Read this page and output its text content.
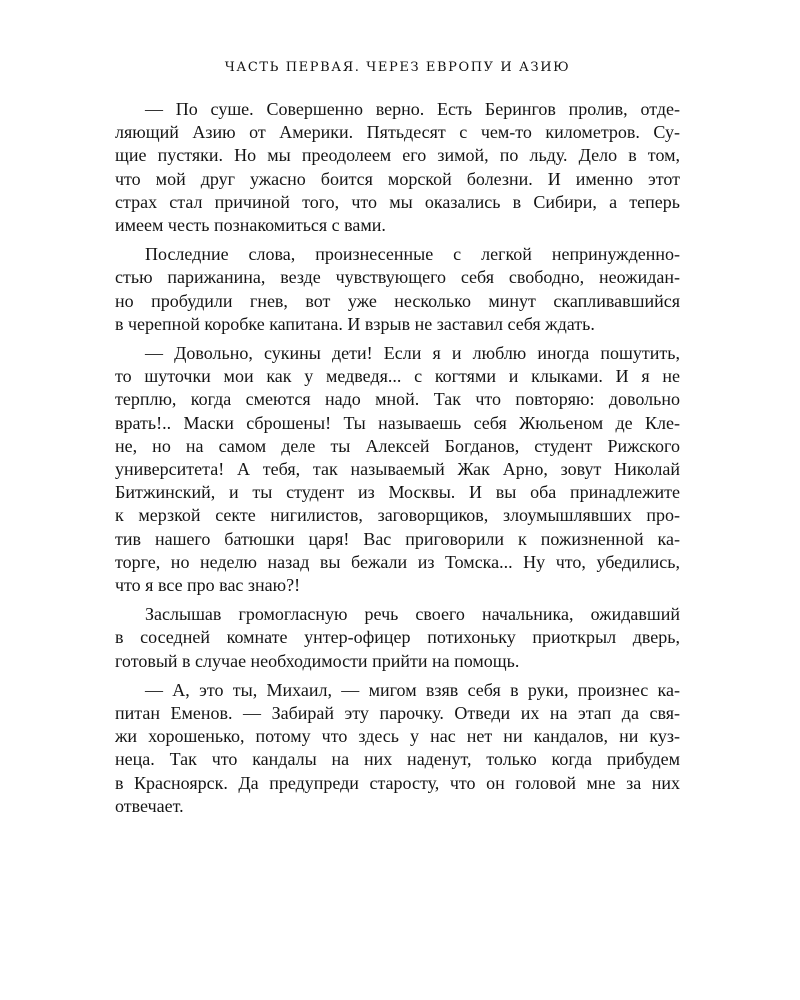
ЧАСТЬ ПЕРВАЯ. ЧЕРЕЗ ЕВРОПУ И АЗИЮ

— По суше. Совершенно верно. Есть Берингов пролив, отде-
ляющий Азию от Америки. Пятьдесят с чем-то километров. Су-
щие пустяки. Но мы преодолеем его зимой, по льду. Дело в том,
что мой друг ужасно боится морской болезни. И именно этот
страх стал причиной того, что мы оказались в Сибири, а теперь
имеем честь познакомиться с вами.

Последние слова, произнесенные с легкой непринужденно-
стью парижанина, везде чувствующего себя свободно, неожидан-
но пробудили гнев, вот уже несколько минут скапливавшийся
в черепной коробке капитана. И взрыв не заставил себя ждать.

— Довольно, сукины дети! Если я и люблю иногда пошутить,
то шуточки мои как у медведя... с когтями и клыками. И я не
терплю, когда смеются надо мной. Так что повторяю: довольно
врать!.. Маски сброшены! Ты называешь себя Жюльеном де Кле-
не, но на самом деле ты Алексей Богданов, студент Рижского
университета! А тебя, так называемый Жак Арно, зовут Николай
Битжинский, и ты студент из Москвы. И вы оба принадлежите
к мерзкой секте нигилистов, заговорщиков, злоумышлявших про-
тив нашего батюшки царя! Вас приговорили к пожизненной ка-
торге, но неделю назад вы бежали из Томска... Ну что, убедились,
что я все про вас знаю?!

Заслышав громогласную речь своего начальника, ожидавший
в соседней комнате унтер-офицер потихоньку приоткрыл дверь,
готовый в случае необходимости прийти на помощь.

— А, это ты, Михаил, — мигом взяв себя в руки, произнес ка-
питан Еменов. — Забирай эту парочку. Отведи их на этап да свя-
жи хорошенько, потому что здесь у нас нет ни кандалов, ни куз-
неца. Так что кандалы на них наденут, только когда прибудем
в Красноярск. Да предупреди старосту, что он головой мне за них
отвечает.
